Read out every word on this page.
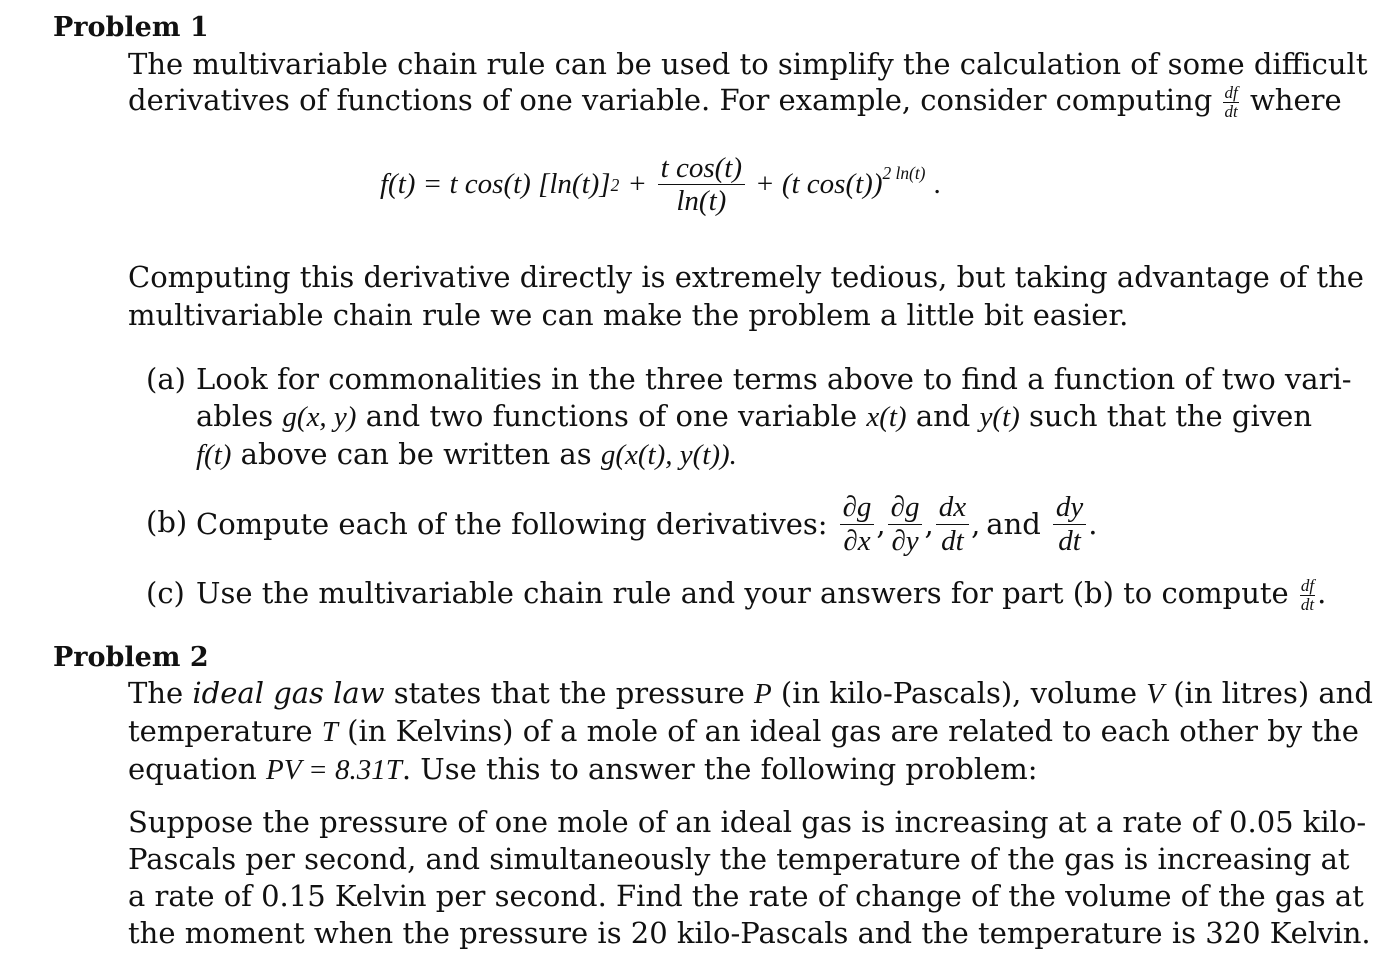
Problem 1
The multivariable chain rule can be used to simplify the calculation of some difficult
derivatives of functions of one variable. For example, consider computing $\frac{df}{dt}$ where
f(t) = t cos(t) [ln(t)] $2 + \frac{\text{t cos(t)}}{\ln(t)} + (t$ cos(t))$^{2 ln(t)}$ .
Computing this derivative directly is extremely tedious, but taking advantage of the
multivariable chain rule we can make the problem a little bit easier.
(a) Look for commonalities in the three terms above to find a function of two vari-
ables g(x, y) and two functions of one variable x(t) and y(t) such that the given
f(t) above can be written as g(x(t), y(t)).
(b) Compute each of the following derivatives: $\frac{\partial g}{\partial x}$ , $\frac{\partial g}{\partial y}$ , $\frac{dx}{dt}$ , and $\frac{dy}{dt}$ .
(c) Use the multivariable chain rule and your answers for part (b) to compute $\frac{df}{dt}$ .
Problem 2
The ideal gas law states that the pressure P (in kilo-Pascals), volume V (in litres) and
temperature T (in Kelvins) of a mole of an ideal gas are related to each other by the
equation PV = 8.31T. Use this to answer the following problem:
Suppose the pressure of one mole of an ideal gas is increasing at a rate of 0.05 kilo-
Pascals per second, and simultaneously the temperature of the gas is increasing at
a rate of 0.15 Kelvin per second. Find the rate of change of the volume of the gas at
the moment when the pressure is 20 kilo-Pascals and the temperature is 320 Kelvin.
